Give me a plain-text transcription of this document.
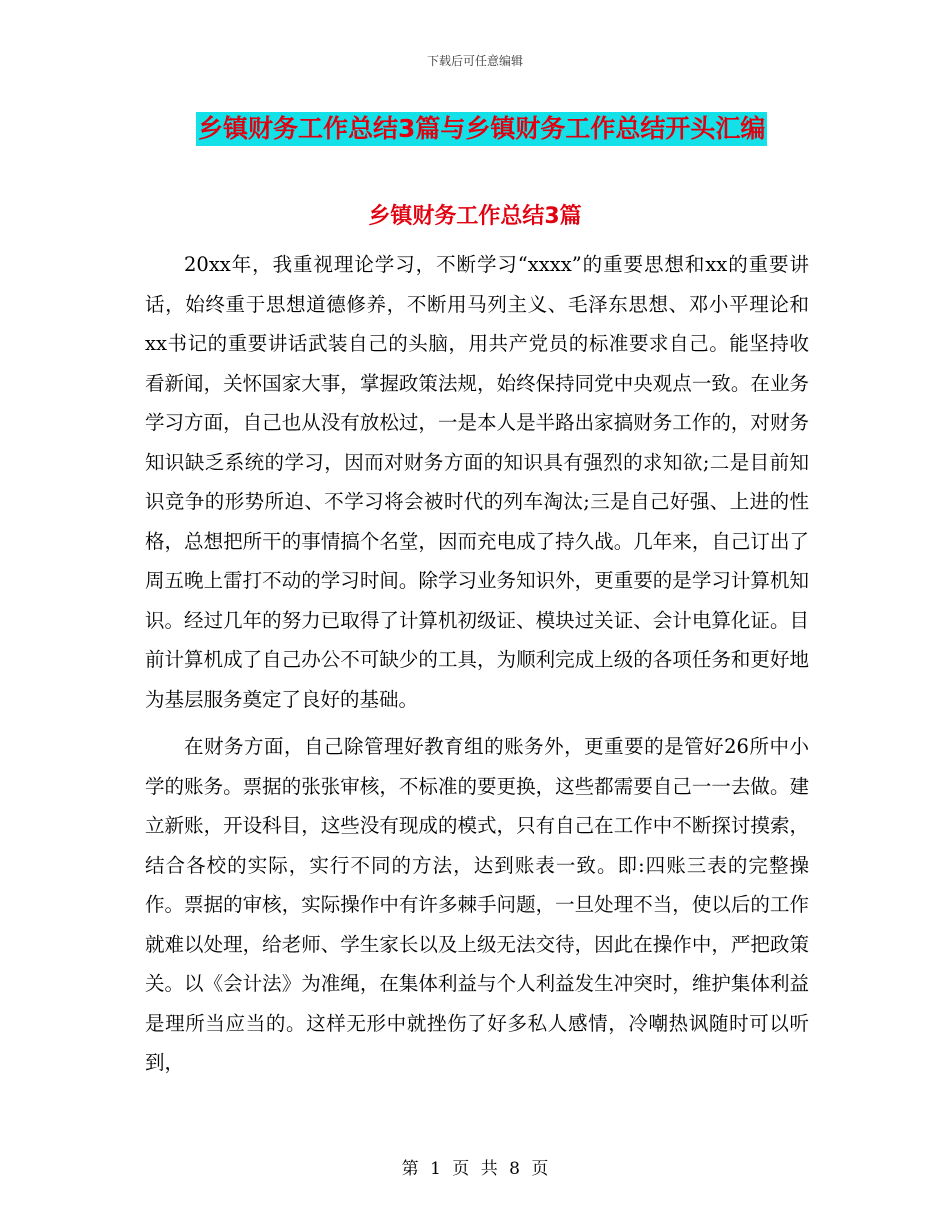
下载后可任意编辑
乡镇财务工作总结3篇与乡镇财务工作总结开头汇编
乡镇财务工作总结3篇

20xx年，我重视理论学习，不断学习“xxxx”的重要思想和xx的重要讲话，始终重于思想道德修养，不断用马列主义、毛泽东思想、邓小平理论和xx书记的重要讲话武装自己的头脑，用共产党员的标准要求自己。能坚持收看新闻，关怀国家大事，掌握政策法规，始终保持同党中央观点一致。在业务学习方面，自己也从没有放松过，一是本人是半路出家搞财务工作的，对财务知识缺乏系统的学习，因而对财务方面的知识具有强烈的求知欲;二是目前知识竞争的形势所迫、不学习将会被时代的列车淘汰;三是自己好强、上进的性格，总想把所干的事情搞个名堂，因而充电成了持久战。几年来，自己订出了周五晚上雷打不动的学习时间。除学习业务知识外，更重要的是学习计算机知识。经过几年的努力已取得了计算机初级证、模块过关证、会计电算化证。目前计算机成了自己办公不可缺少的工具，为顺利完成上级的各项任务和更好地为基层服务奠定了良好的基础。

在财务方面，自己除管理好教育组的账务外，更重要的是管好26所中小学的账务。票据的张张审核，不标准的要更换，这些都需要自己一一去做。建立新账，开设科目，这些没有现成的模式，只有自己在工作中不断探讨摸索，结合各校的实际，实行不同的方法，达到账表一致。即:四账三表的完整操作。票据的审核，实际操作中有许多棘手问题，一旦处理不当，使以后的工作就难以处理，给老师、学生家长以及上级无法交待，因此在操作中，严把政策关。以《会计法》为准绳，在集体利益与个人利益发生冲突时，维护集体利益是理所当应当的。这样无形中就挫伤了好多私人感情，冷嘲热讽随时可以听到，

第 1 页 共 8 页
